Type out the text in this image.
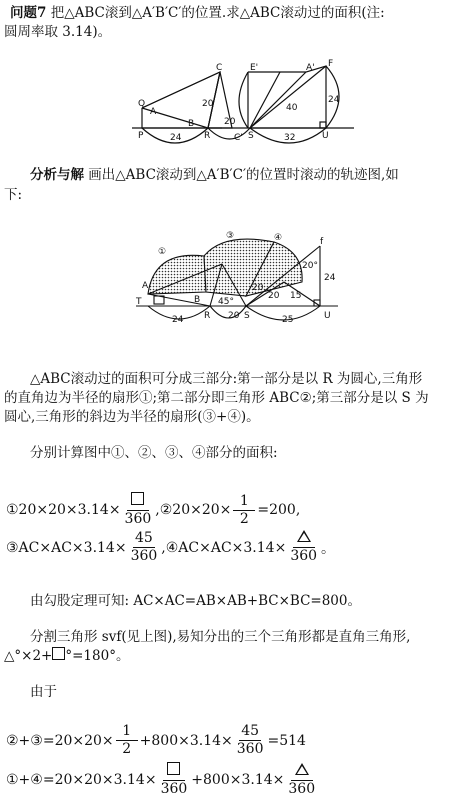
问题7 把△ABC滚到△A′B′C′的位置.求△ABC滚动过的面积(注:
圆周率取 3.14)。
Q
A
P	24
20
B
R
C
20
C'
E'	A' F
S
40
24
32	U
分析与解 画出△ABC滚动到△A′B′C′的位置时滚动的轨迹图,如
下:
①
③	④	f
A
T	B
R
24
45°
20 S	25
20 15
20°
20
24
U
△ABC滚动过的面积可分成三部分:第一部分是以 R 为圆心,三角形
的直角边为半径的扇形①;第二部分即三角形 ABC②;第三部分是以 S 为
圆心,三角形的斜边为半径的扇形(③+④)。
分别计算图中①、②、③、④部分的面积:
①20×20×3.14×
360
,②20×20× $\frac{1}{2} =200$,
③AC×AC×3.14× $\frac{45}{360}$ ,④AC×AC×3.14×
360 。
由勾股定理可知: AC×AC=AB×AB+BC×BC=800。
分割三角形 svf(见上图),易知分出的三个三角形都是直角三角形,
△°×2+ °=180°。
由于
②+③=20×20× $\frac{1}{2} +800\times 3.14\times \frac{45}{360} =514$
①+④=20×20×3.14×
360
+800×3.14×
360
